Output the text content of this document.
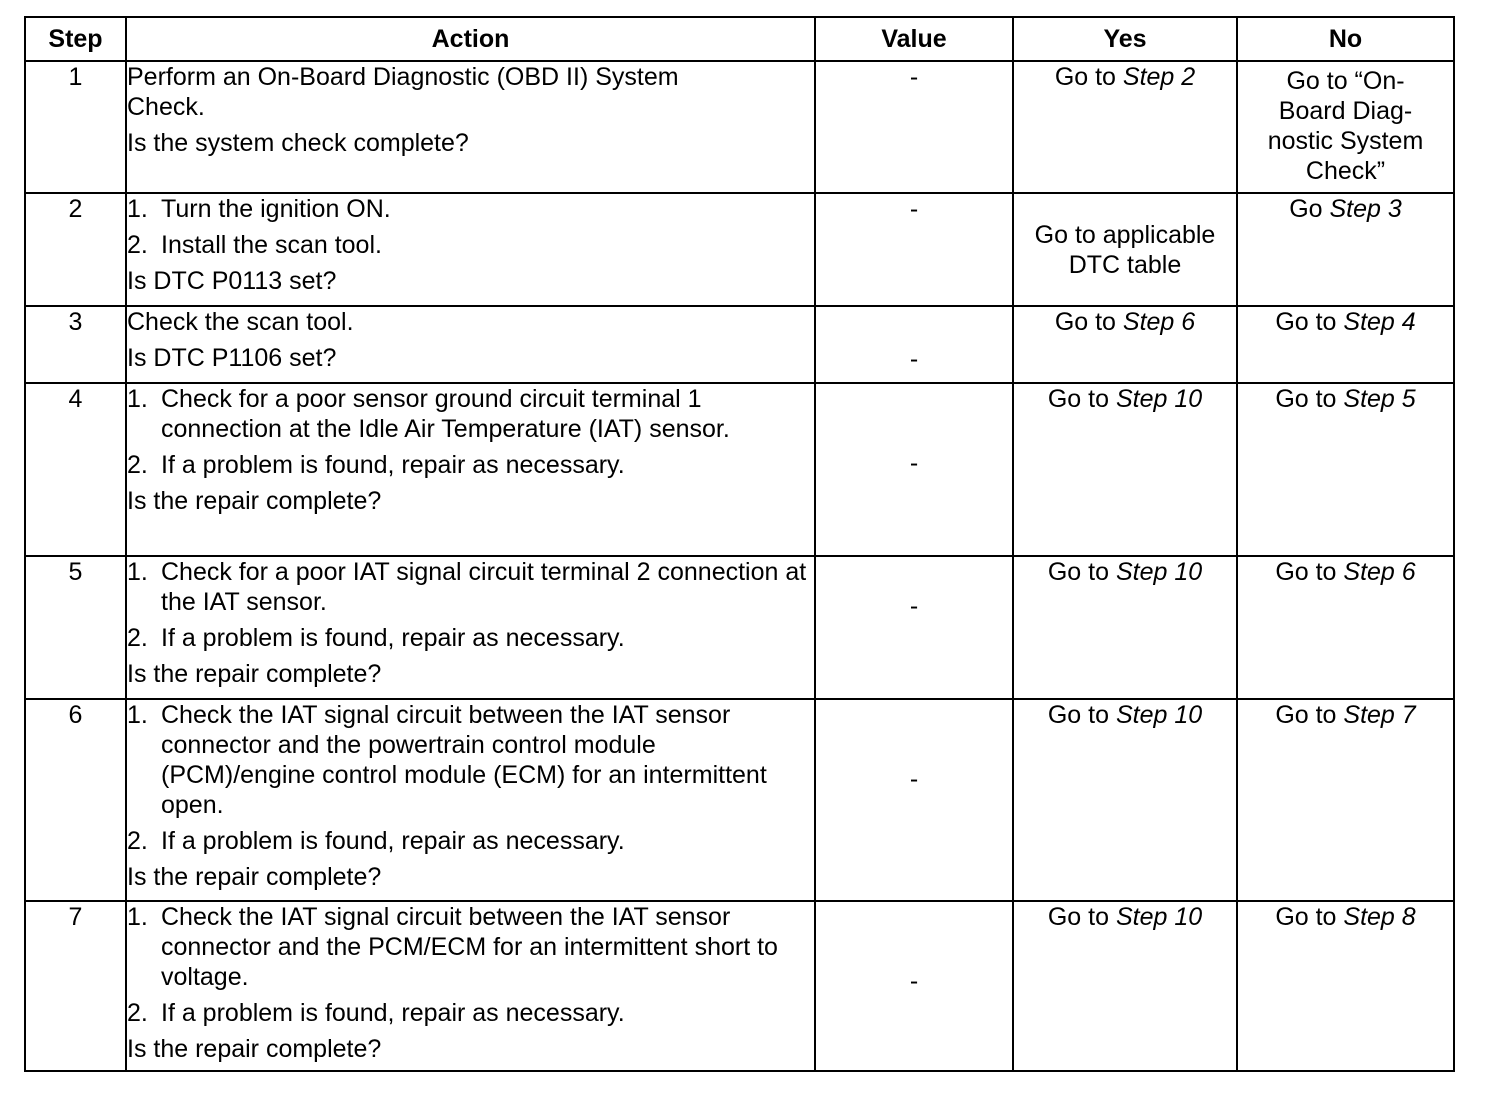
Step	Action	Value	Yes	No
1	Perform an On-Board Diagnostic (OBD II) System
Check.
Is the system check complete?	-	Go to Step 2	Go to “On-
Board Diag-
nostic System
Check”

2	1. Turn the ignition ON.
2. Install the scan tool.
Is DTC P0113 set?	-	Go to applicable
DTC table	Go Step 3
3	Check the scan tool.
Is DTC P1106 set?	-	Go to Step 6	Go to Step 4
4	1. Check for a poor sensor ground circuit terminal 1 connection at the Idle Air Temperature (IAT) sensor.
2. If a problem is found, repair as necessary.
Is the repair complete?	-	Go to Step 10	Go to Step 5
5	1. Check for a poor IAT signal circuit terminal 2 connection at the IAT sensor.
2. If a problem is found, repair as necessary.
Is the repair complete?	-	Go to Step 10	Go to Step 6
6	1. Check the IAT signal circuit between the IAT sensor connector and the powertrain control module (PCM)/engine control module (ECM) for an intermittent open.
2. If a problem is found, repair as necessary.
Is the repair complete?	-	Go to Step 10	Go to Step 7
7	1. Check the IAT signal circuit between the IAT sensor connector and the PCM/ECM for an intermittent short to voltage.
2. If a problem is found, repair as necessary.
Is the repair complete?	-	Go to Step 10	Go to Step 8
